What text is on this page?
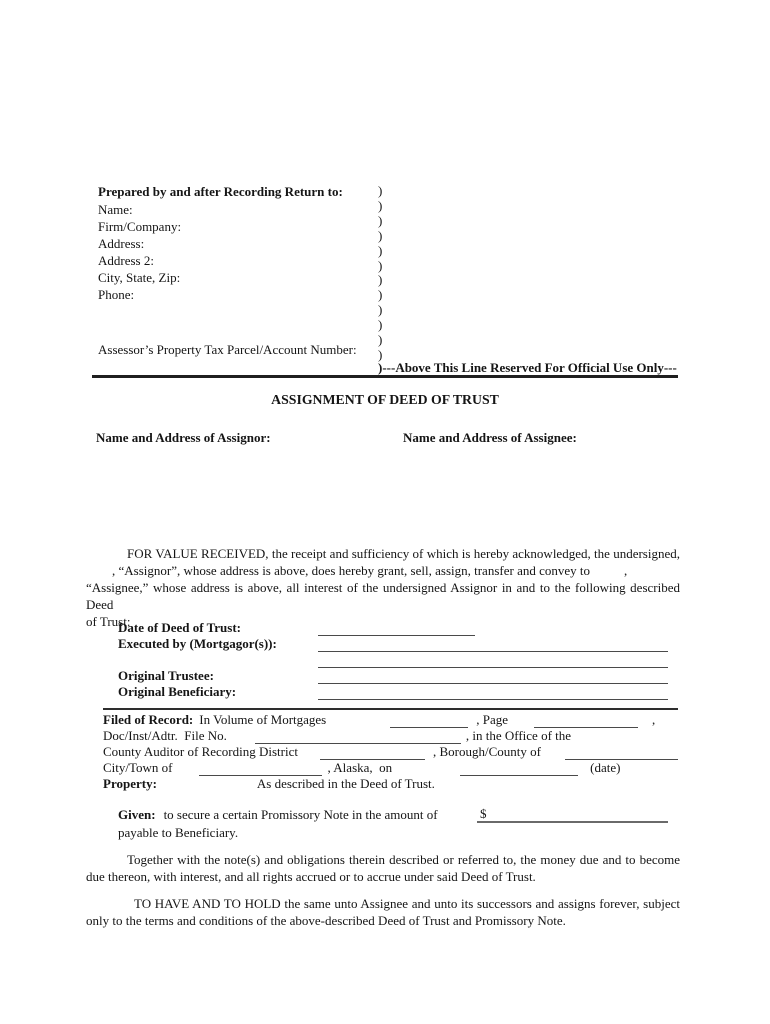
Prepared by and after Recording Return to:
Name:
Firm/Company:
Address:
Address 2:
City, State, Zip:
Phone:
Assessor’s Property Tax Parcel/Account Number:
)
)
)
)
)
)
)
)
)
)
)
)
)---Above This Line Reserved For Official Use Only---
ASSIGNMENT OF DEED OF TRUST
Name and Address of Assignor:	Name and Address of Assignee:
FOR VALUE RECEIVED, the receipt and sufficiency of which is hereby acknowledged, the undersigned,
, “Assignor”, whose address is above, does hereby grant, sell, assign, transfer and convey to	,
“Assignee,” whose address is above, all interest of the undersigned Assignor in and to the following described Deed
of Trust:
Date of Deed of Trust:
Executed by (Mortgagor(s)):
Original Trustee:
Original Beneficiary:
Filed of Record: In Volume of Mortgages	, Page	,
Doc/Inst/Adtr.  File No.	, in the Office of the
County Auditor of Recording District	, Borough/County of
City/Town of	, Alaska,  on	(date)
Property:	As described in the Deed of Trust.
Given: to secure a certain Promissory Note in the amount of	$
payable to Beneficiary.
Together with the note(s) and obligations therein described or referred to, the money due and to become
due thereon, with interest, and all rights accrued or to accrue under said Deed of Trust.
TO HAVE AND TO HOLD the same unto Assignee and unto its successors and assigns forever, subject
only to the terms and conditions of the above-described Deed of Trust and Promissory Note.
